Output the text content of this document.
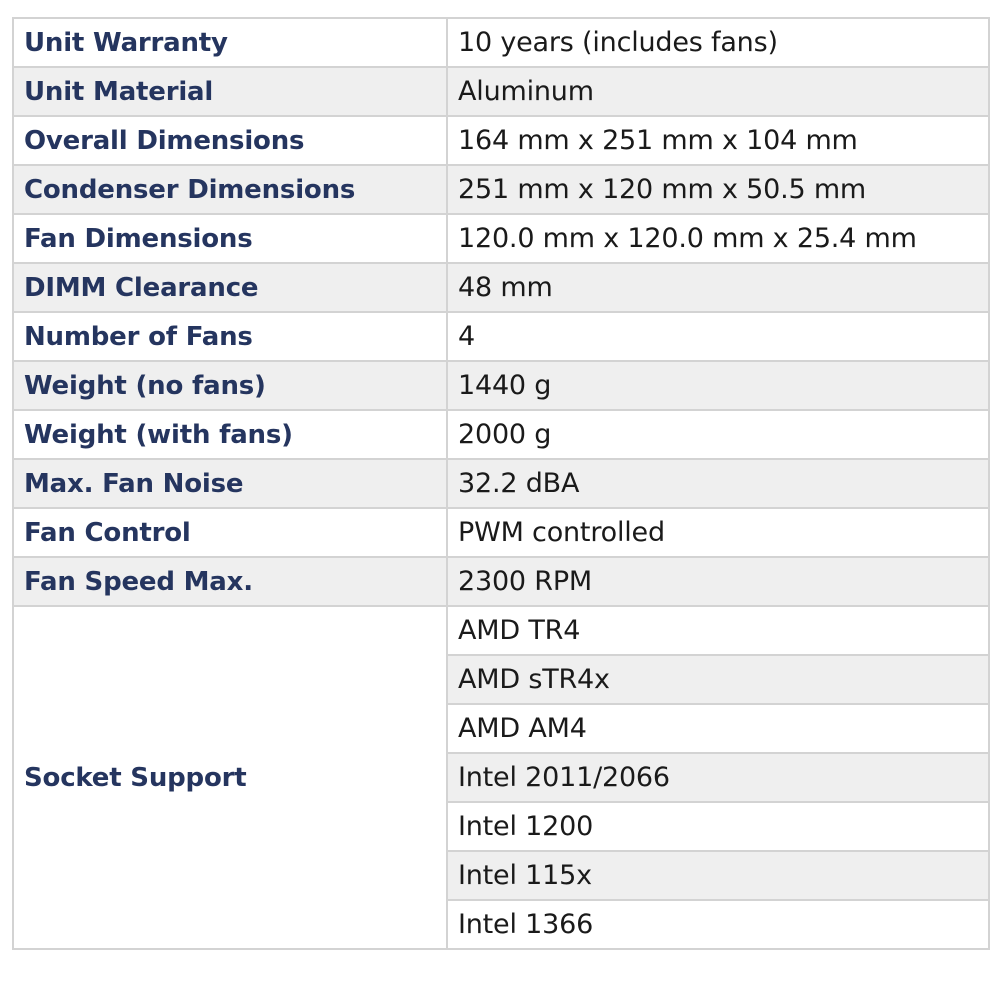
Unit Warranty	10 years (includes fans)
Unit Material	Aluminum
Overall Dimensions	164 mm x 251 mm x 104 mm
Condenser Dimensions	251 mm x 120 mm x 50.5 mm
Fan Dimensions	120.0 mm x 120.0 mm x 25.4 mm
DIMM Clearance	48 mm
Number of Fans	4
Weight (no fans)	1440 g
Weight (with fans)	2000 g
Max. Fan Noise	32.2 dBA
Fan Control	PWM controlled
Fan Speed Max.	2300 RPM
Socket Support	AMD TR4
	AMD sTR4x
	AMD AM4
	Intel 2011/2066
	Intel 1200
	Intel 115x
	Intel 1366
